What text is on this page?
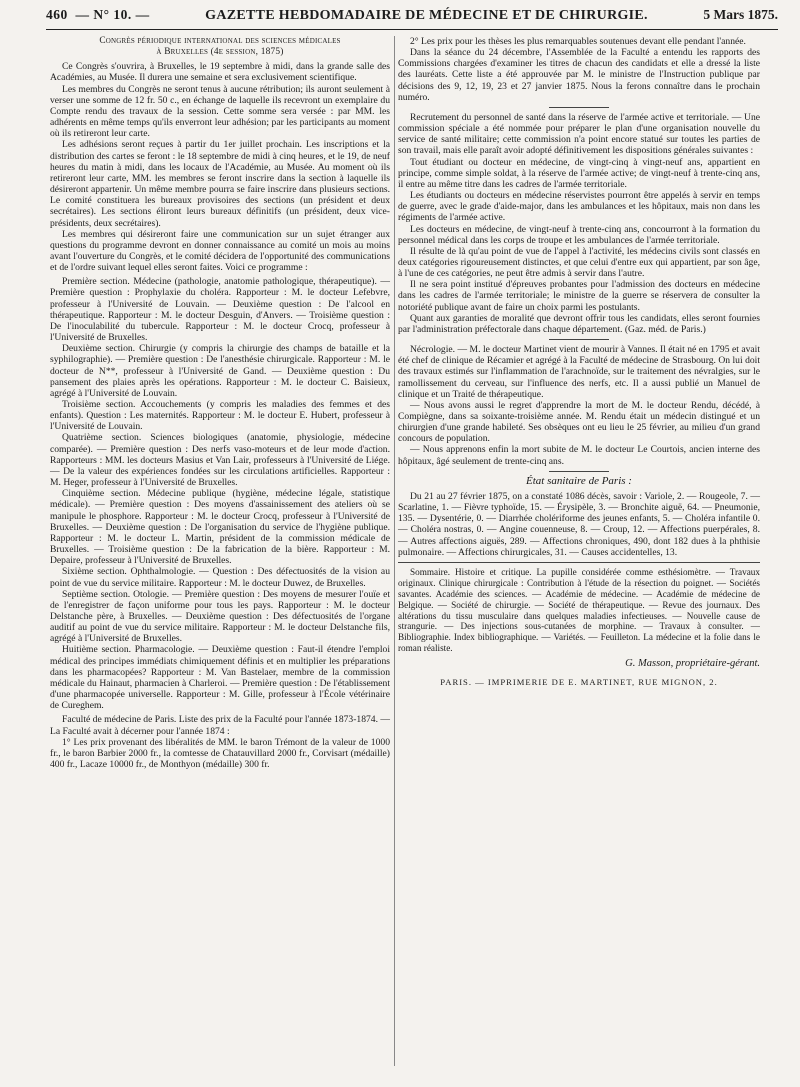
460 — N° 10. —	GAZETTE HEBDOMADAIRE DE MÉDECINE ET DE CHIRURGIE.	5 Mars 1875.
Congrès périodique international des sciences médicales
à Bruxelles (4e session, 1875)

Ce Congrès s'ouvrira, à Bruxelles, le 19 septembre à midi, dans la grande salle des Académies, au Musée. Il durera une semaine et sera exclusivement scientifique.

Les membres du Congrès ne seront tenus à aucune rétribution; ils auront seulement à verser une somme de 12 fr. 50 c., en échange de laquelle ils recevront un exemplaire du Compte rendu des travaux de la session. Cette somme sera versée : par MM. les adhérents en même temps qu'ils enverront leur adhésion; par les participants au moment où ils retireront leur carte.

Les adhésions seront reçues à partir du 1er juillet prochain. Les inscriptions et la distribution des cartes se feront : le 18 septembre de midi à cinq heures, et le 19, de neuf heures du matin à midi, dans les locaux de l'Académie, au Musée. Au moment où ils retireront leur carte, MM. les membres se feront inscrire dans la section à laquelle ils désireront appartenir. Un même membre pourra se faire inscrire dans plusieurs sections. Le comité constituera les bureaux provisoires des sections (un président et deux secrétaires). Les sections éliront leurs bureaux définitifs (un président, deux vice-présidents, deux secrétaires).

Les membres qui désireront faire une communication sur un sujet étranger aux questions du programme devront en donner connaissance au comité un mois au moins avant l'ouverture du Congrès, et le comité décidera de l'opportunité des communications et de l'ordre suivant lequel elles seront faites. Voici ce programme :

Première section. Médecine (pathologie, anatomie pathologique, thérapeutique). — Première question : Prophylaxie du choléra. Rapporteur : M. le docteur Lefebvre, professeur à l'Université de Louvain. — Deuxième question : De l'alcool en thérapeutique. Rapporteur : M. le docteur Desguin, d'Anvers. — Troisième question : De l'inoculabilité du tubercule. Rapporteur : M. le docteur Crocq, professeur à l'Université de Bruxelles.

Deuxième section. Chirurgie (y compris la chirurgie des champs de bataille et la syphilographie). — Première question : De l'anesthésie chirurgicale. Rapporteur : M. le docteur de N**, professeur à l'Université de Gand. — Deuxième question : Du pansement des plaies après les opérations. Rapporteur : M. le docteur C. Baisieux, agrégé à l'Université de Louvain.

Troisième section. Accouchements (y compris les maladies des femmes et des enfants). Question : Les maternités. Rapporteur : M. le docteur E. Hubert, professeur à l'Université de Louvain.

Quatrième section. Sciences biologiques (anatomie, physiologie, médecine comparée). — Première question : Des nerfs vaso-moteurs et de leur mode d'action. Rapporteurs : MM. les docteurs Masius et Van Lair, professeurs à l'Université de Liége. — De la valeur des expériences fondées sur les circulations artificielles. Rapporteur : M. Heger, professeur à l'Université de Bruxelles.

Cinquième section. Médecine publique (hygiène, médecine légale, statistique médicale). — Première question : Des moyens d'assainissement des ateliers où se manipule le phosphore. Rapporteur : M. le docteur Crocq, professeur à l'Université de Bruxelles. — Deuxième question : De l'organisation du service de l'hygiène publique. Rapporteur : M. le docteur L. Martin, président de la commission médicale de Bruxelles. — Troisième question : De la fabrication de la bière. Rapporteur : M. Depaire, professeur à l'Université de Bruxelles.

Sixième section. Ophthalmologie. — Question : Des défectuosités de la vision au point de vue du service militaire. Rapporteur : M. le docteur Duwez, de Bruxelles.

Septième section. Otologie. — Première question : Des moyens de mesurer l'ouïe et de l'enregistrer de façon uniforme pour tous les pays. Rapporteur : M. le docteur Delstanche père, à Bruxelles. — Deuxième question : Des défectuosités de l'organe auditif au point de vue du service militaire. Rapporteur : M. le docteur Delstanche fils, agrégé à l'Université de Bruxelles.

Huitième section. Pharmacologie. — Deuxième question : Faut-il étendre l'emploi médical des principes immédiats chimiquement définis et en multiplier les préparations dans les pharmacopées? Rapporteur : M. Van Bastelaer, membre de la commission médicale du Hainaut, pharmacien à Charleroi. — Première question : De l'établissement d'une pharmacopée universelle. Rapporteur : M. Gille, professeur à l'École vétérinaire de Cureghem.

Faculté de médecine de Paris. Liste des prix de la Faculté pour l'année 1873-1874. — La Faculté avait à décerner pour l'année 1874 :

1° Les prix provenant des libéralités de MM. le baron Trémont de la valeur de 1000 fr., le baron Barbier 2000 fr., la comtesse de Chatauvillard 2000 fr., Corvisart (médaille) 400 fr., Lacaze 10000 fr., de Monthyon (médaille) 300 fr.

2° Les prix pour les thèses les plus remarquables soutenues devant elle pendant l'année.

Dans la séance du 24 décembre, l'Assemblée de la Faculté a entendu les rapports des Commissions chargées d'examiner les titres de chacun des candidats et elle a dressé la liste des lauréats. Cette liste a été approuvée par M. le ministre de l'Instruction publique par décisions des 9, 12, 19, 23 et 27 janvier 1875. Nous la ferons connaître dans le prochain numéro.

Recrutement du personnel de santé dans la réserve de l'armée active et territoriale. — Une commission spéciale a été nommée pour préparer le plan d'une organisation nouvelle du service de santé militaire; cette commission n'a point encore statué sur toutes les parties de son travail, mais elle paraît avoir adopté définitivement les dispositions générales suivantes :

Tout étudiant ou docteur en médecine, de vingt-cinq à vingt-neuf ans, appartient en principe, comme simple soldat, à la réserve de l'armée active; de vingt-neuf à trente-cinq ans, il entre au même titre dans les cadres de l'armée territoriale.

Les étudiants ou docteurs en médecine réservistes pourront être appelés à servir en temps de guerre, avec le grade d'aide-major, dans les ambulances et les hôpitaux, mais non dans les régiments de l'armée active.

Les docteurs en médecine, de vingt-neuf à trente-cinq ans, concourront à la formation du personnel médical dans les corps de troupe et les ambulances de l'armée territoriale.

Il résulte de là qu'au point de vue de l'appel à l'activité, les médecins civils sont classés en deux catégories rigoureusement distinctes, et que celui d'entre eux qui appartient, par son âge, à l'une de ces catégories, ne peut être admis à servir dans l'autre.

Il ne sera point institué d'épreuves probantes pour l'admission des docteurs en médecine dans les cadres de l'armée territoriale; le ministre de la guerre se réservera de consulter la notoriété publique avant de faire un choix parmi les postulants.

Quant aux garanties de moralité que devront offrir tous les candidats, elles seront fournies par l'administration préfectorale dans chaque département. (Gaz. méd. de Paris.)

Nécrologie. — M. le docteur Martinet vient de mourir à Vannes. Il était né en 1795 et avait été chef de clinique de Récamier et agrégé à la Faculté de médecine de Strasbourg. On lui doit des travaux estimés sur l'inflammation de l'arachnoïde, sur le traitement des névralgies, sur le ramollissement du cerveau, sur l'influence des nerfs, etc. Il a aussi publié un Manuel de clinique et un Traité de thérapeutique.

— Nous avons aussi le regret d'apprendre la mort de M. le docteur Rendu, décédé, à Compiègne, dans sa soixante-troisième année. M. Rendu était un médecin distingué et un chirurgien d'une grande habileté. Ses obsèques ont eu lieu le 25 février, au milieu d'un grand concours de population.

— Nous apprenons enfin la mort subite de M. le docteur Le Courtois, ancien interne des hôpitaux, âgé seulement de trente-cinq ans.

État sanitaire de Paris :

Du 21 au 27 février 1875, on a constaté 1086 décès, savoir : Variole, 2. — Rougeole, 7. — Scarlatine, 1. — Fièvre typhoïde, 15. — Érysipèle, 3. — Bronchite aiguë, 64. — Pneumonie, 135. — Dysentérie, 0. — Diarrhée cholériforme des jeunes enfants, 5. — Choléra infantile 0. — Choléra nostras, 0. — Angine couenneuse, 8. — Croup, 12. — Affections puerpérales, 8. — Autres affections aiguës, 289. — Affections chroniques, 490, dont 182 dues à la phthisie pulmonaire. — Affections chirurgicales, 31. — Causes accidentelles, 13.

Sommaire. Histoire et critique. La pupille considérée comme esthésiomètre. — Travaux originaux. Clinique chirurgicale : Contribution à l'étude de la résection du poignet. — Sociétés savantes. Académie des sciences. — Académie de médecine. — Académie de médecine de Belgique. — Société de chirurgie. — Société de thérapeutique. — Revue des journaux. Des altérations du tissu musculaire dans quelques maladies infectieuses. — Nouvelle cause de strangurie. — Des injections sous-cutanées de morphine. — Travaux à consulter. — Bibliographie. Index bibliographique. — Variétés. — Feuilleton. La médecine et la folie dans le roman réaliste.

G. Masson, propriétaire-gérant.
PARIS. — IMPRIMERIE DE E. MARTINET, RUE MIGNON, 2.
